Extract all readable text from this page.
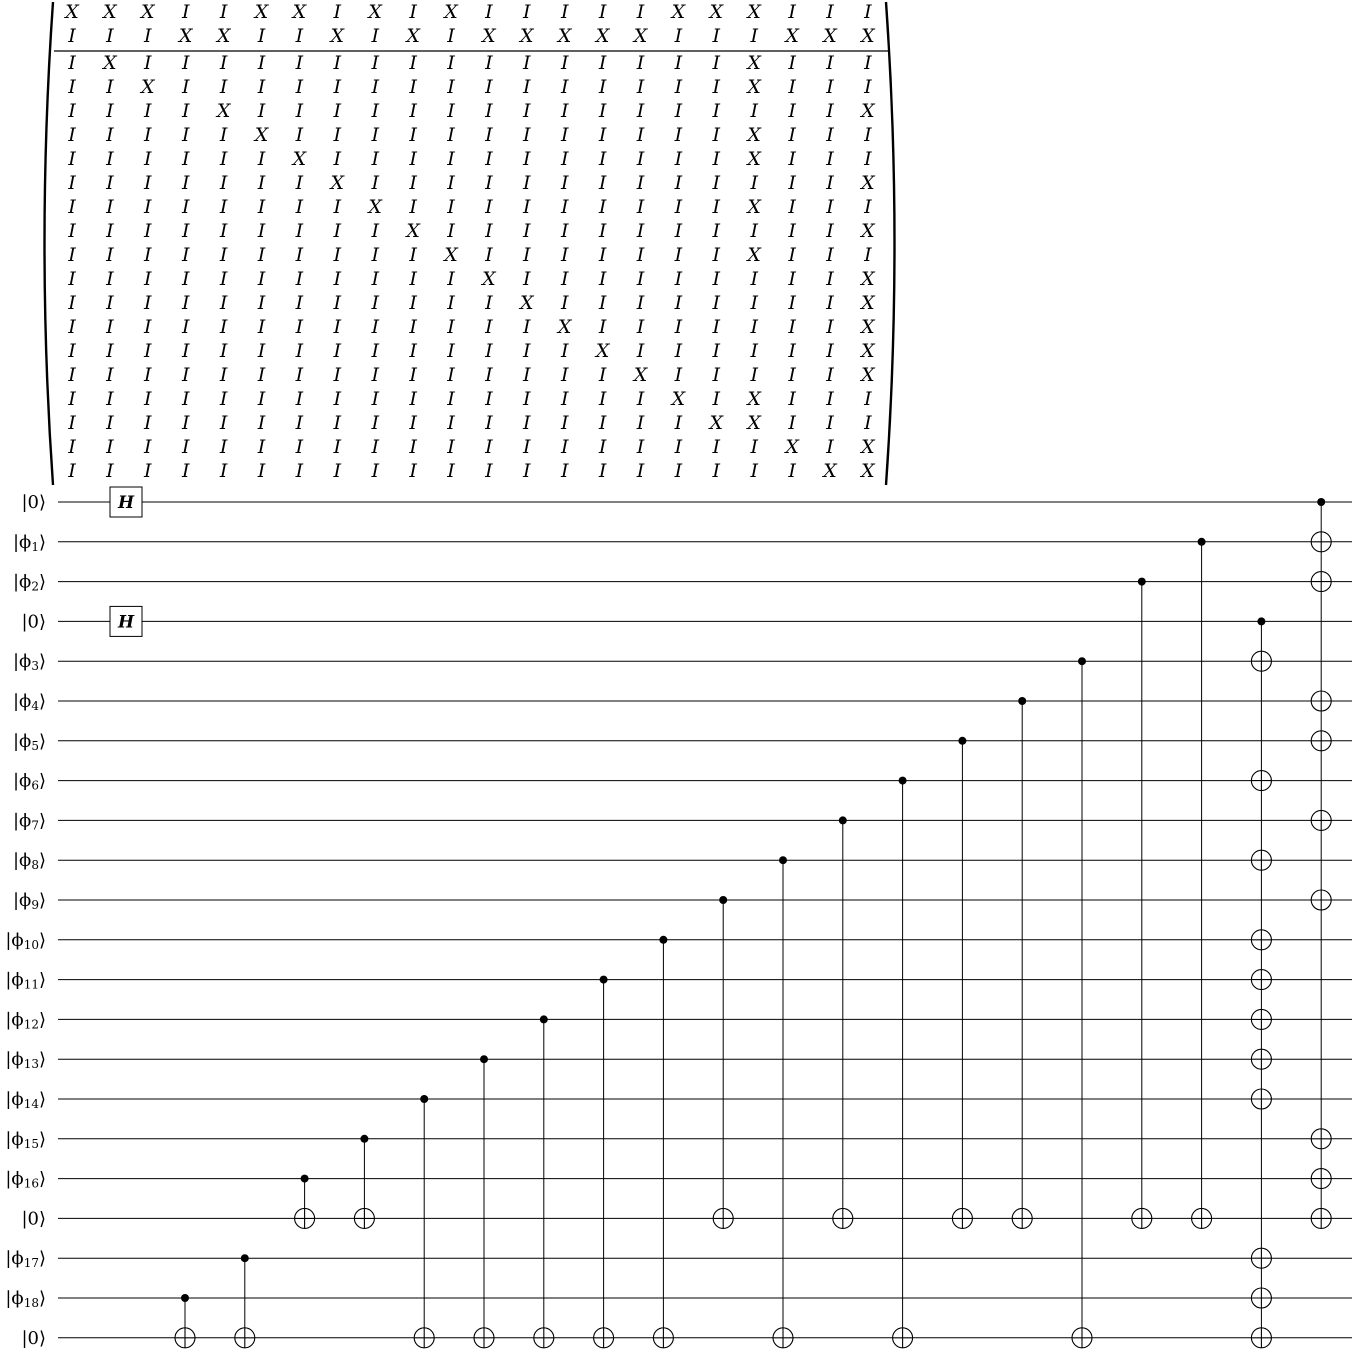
X X X I I X X I X I X I I I I I X X X I I I
I I I X X I I X I X I X X X X X I I I X X X
I X I I I I I I I I I I I I I I I I X I I I
I I X I I I I I I I I I I I I I I I X I I I
I I I I X I I I I I I I I I I I I I I I I X
I I I I I X I I I I I I I I I I I I X I I I
I I I I I I X I I I I I I I I I I I X I I I
I I I I I I I X I I I I I I I I I I I I I X
I I I I I I I I X I I I I I I I I I X I I I
I I I I I I I I I X I I I I I I I I I I I X
I I I I I I I I I I X I I I I I I I X I I I
I I I I I I I I I I I X I I I I I I I I I X
I I I I I I I I I I I I X I I I I I I I I X
I I I I I I I I I I I I I X I I I I I I I X
I I I I I I I I I I I I I I X I I I I I I X
I I I I I I I I I I I I I I I X I I I I I X
I I I I I I I I I I I I I I I I X I X I I I
I I I I I I I I I I I I I I I I I X X I I I
I I I I I I I I I I I I I I I I I I I X I X
I I I I I I I I I I I I I I I I I I I I X X
|0⟩
$|\phi_1⟩$
$|\phi_2⟩$
|0⟩
$|\phi_3⟩$
$|\phi_4⟩$
$|\phi_5⟩$
$|\phi_6⟩$
$|\phi_7⟩$
$|\phi_8⟩$
$|\phi_9⟩$
$|\phi_{10}⟩$
$|\phi_{11}⟩$
$|\phi_{12}⟩$
$|\phi_{13}⟩$
$|\phi_{14}⟩$
$|\phi_{15}⟩$
$|\phi_{16}⟩$
|0⟩
$|\phi_{17}⟩$
$|\phi_{18}⟩$
|0⟩
H
H
